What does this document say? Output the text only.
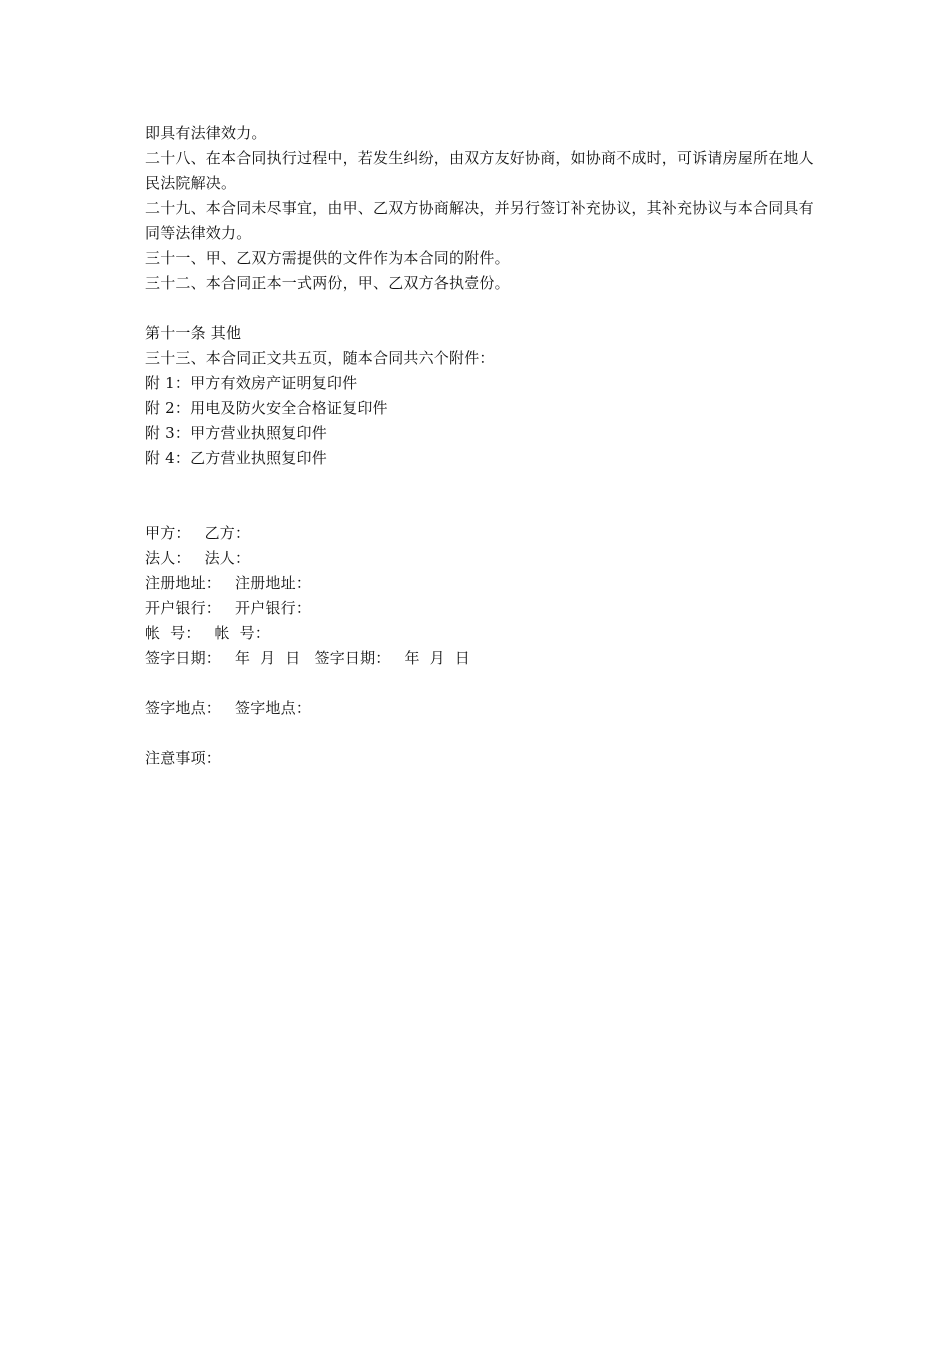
即具有法律效力。
二十八、在本合同执行过程中，若发生纠纷，由双方友好协商，如协商不成时，可诉请房屋所在地人民法院解决。
二十九、本合同未尽事宜，由甲、乙双方协商解决，并另行签订补充协议，其补充协议与本合同具有同等法律效力。
三十一、甲、乙双方需提供的文件作为本合同的附件。
三十二、本合同正本一式两份，甲、乙双方各执壹份。
第十一条 其他
三十三、本合同正文共五页，随本合同共六个附件：
附 1：甲方有效房产证明复印件
附 2：用电及防火安全合格证复印件
附 3：甲方营业执照复印件
附 4：乙方营业执照复印件
甲方： 乙方：
法人： 法人：
注册地址： 注册地址：
开户银行： 开户银行：
帐  号： 帐  号：
签字日期： 年  月  日 签字日期： 年  月  日
签字地点： 签字地点：
注意事项：
